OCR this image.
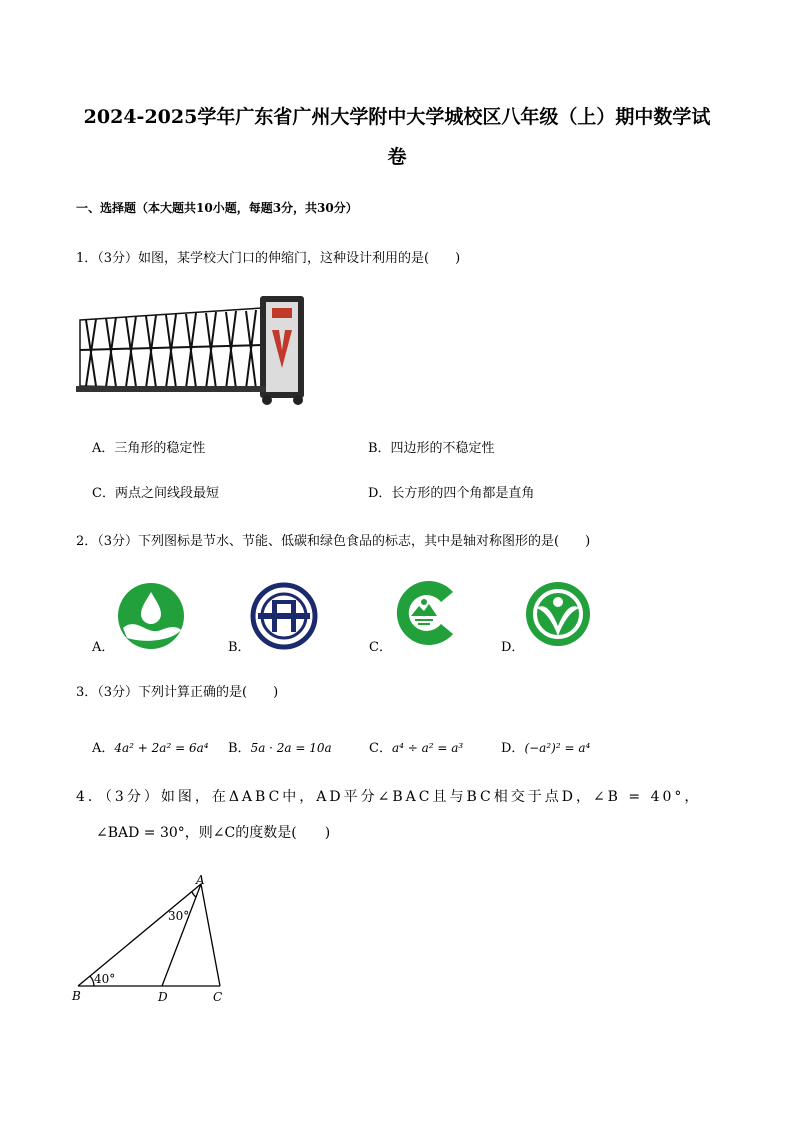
2024-2025学年广东省广州大学附中大学城校区八年级（上）期中数学试
卷
一、选择题（本大题共10小题，每题3分，共30分）
1．（3分）如图，某学校大门口的伸缩门，这种设计利用的是(　　)
A．三角形的稳定性	B．四边形的不稳定性
C．两点之间线段最短	D．长方形的四个角都是直角
2．（3分）下列图标是节水、节能、低碳和绿色食品的标志，其中是轴对称图形的是(　　)
A．	B．	C．	D．
3．（3分）下列计算正确的是(　　)
A．4a² + 2a² = 6a⁴ B．5a · 2a = 10a	C．a⁴ ÷ a² = a³	D．(−a²)² = a⁴
4．（3分）如图，在ΔABC中，AD平分∠BAC且与BC相交于点D，∠B = 40°，
∠BAD = 30°，则∠C的度数是(　　)
A
B	D	C
40°
30°
